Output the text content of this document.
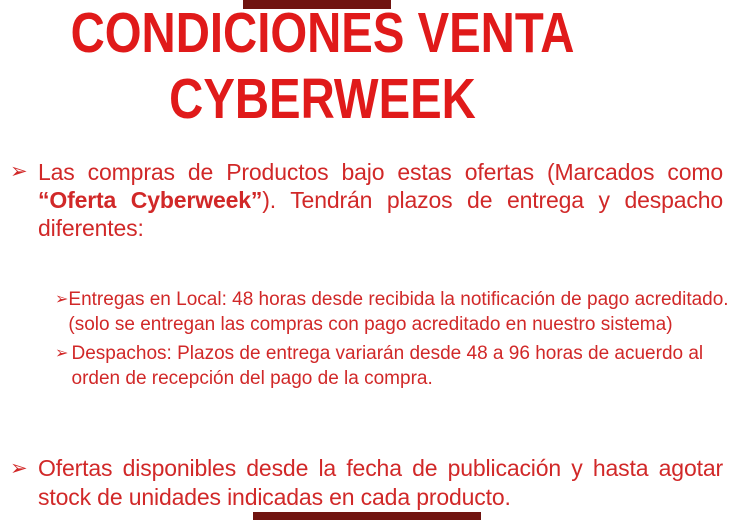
CONDICIONES VENTA
CYBERWEEK
➢ Las compras de Productos bajo estas ofertas (Marcados como “Oferta Cyberweek”). Tendrán plazos de entrega y despacho diferentes:
➢ Entregas en Local: 48 horas desde recibida la notificación de pago acreditado. (solo se entregan las compras con pago acreditado en nuestro sistema)
➢ Despachos: Plazos de entrega variarán desde 48 a 96 horas de acuerdo al orden de recepción del pago de la compra.
➢ Ofertas disponibles desde la fecha de publicación y hasta agotar stock de unidades indicadas en cada producto.
